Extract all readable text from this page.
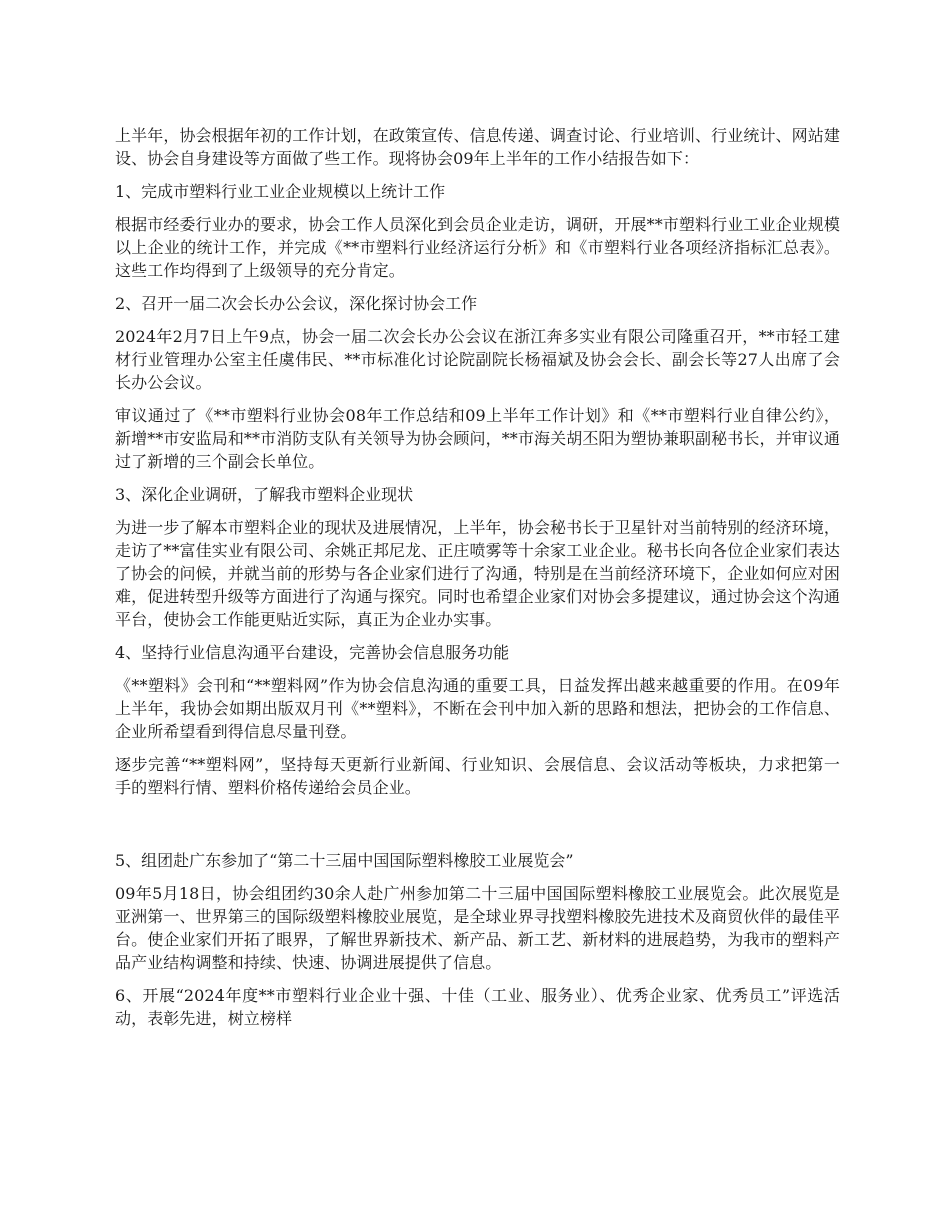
上半年，协会根据年初的工作计划，在政策宣传、信息传递、调查讨论、行业培训、行业统计、网站建设、协会自身建设等方面做了些工作。现将协会09年上半年的工作小结报告如下：

1、完成市塑料行业工业企业规模以上统计工作

根据市经委行业办的要求，协会工作人员深化到会员企业走访，调研，开展**市塑料行业工业企业规模以上企业的统计工作，并完成《**市塑料行业经济运行分析》和《市塑料行业各项经济指标汇总表》。这些工作均得到了上级领导的充分肯定。

2、召开一届二次会长办公会议，深化探讨协会工作

2024年2月7日上午9点，协会一届二次会长办公会议在浙江奔多实业有限公司隆重召开，**市轻工建材行业管理办公室主任虞伟民、**市标准化讨论院副院长杨福斌及协会会长、副会长等27人出席了会长办公会议。

审议通过了《**市塑料行业协会08年工作总结和09上半年工作计划》和《**市塑料行业自律公约》，新增**市安监局和**市消防支队有关领导为协会顾问，**市海关胡丕阳为塑协兼职副秘书长，并审议通过了新增的三个副会长单位。

3、深化企业调研，了解我市塑料企业现状

为进一步了解本市塑料企业的现状及进展情况，上半年，协会秘书长于卫星针对当前特别的经济环境，走访了**富佳实业有限公司、余姚正邦尼龙、正庄喷雾等十余家工业企业。秘书长向各位企业家们表达了协会的问候，并就当前的形势与各企业家们进行了沟通，特别是在当前经济环境下，企业如何应对困难，促进转型升级等方面进行了沟通与探究。同时也希望企业家们对协会多提建议，通过协会这个沟通平台，使协会工作能更贴近实际，真正为企业办实事。

4、坚持行业信息沟通平台建设，完善协会信息服务功能

《**塑料》会刊和“**塑料网”作为协会信息沟通的重要工具，日益发挥出越来越重要的作用。在09年上半年，我协会如期出版双月刊《**塑料》，不断在会刊中加入新的思路和想法，把协会的工作信息、企业所希望看到得信息尽量刊登。

逐步完善“**塑料网”，坚持每天更新行业新闻、行业知识、会展信息、会议活动等板块，力求把第一手的塑料行情、塑料价格传递给会员企业。

5、组团赴广东参加了“第二十三届中国国际塑料橡胶工业展览会”

09年5月18日，协会组团约30余人赴广州参加第二十三届中国国际塑料橡胶工业展览会。此次展览是亚洲第一、世界第三的国际级塑料橡胶业展览，是全球业界寻找塑料橡胶先进技术及商贸伙伴的最佳平台。使企业家们开拓了眼界，了解世界新技术、新产品、新工艺、新材料的进展趋势，为我市的塑料产品产业结构调整和持续、快速、协调进展提供了信息。

6、开展“2024年度**市塑料行业企业十强、十佳（工业、服务业）、优秀企业家、优秀员工”评选活动，表彰先进，树立榜样
